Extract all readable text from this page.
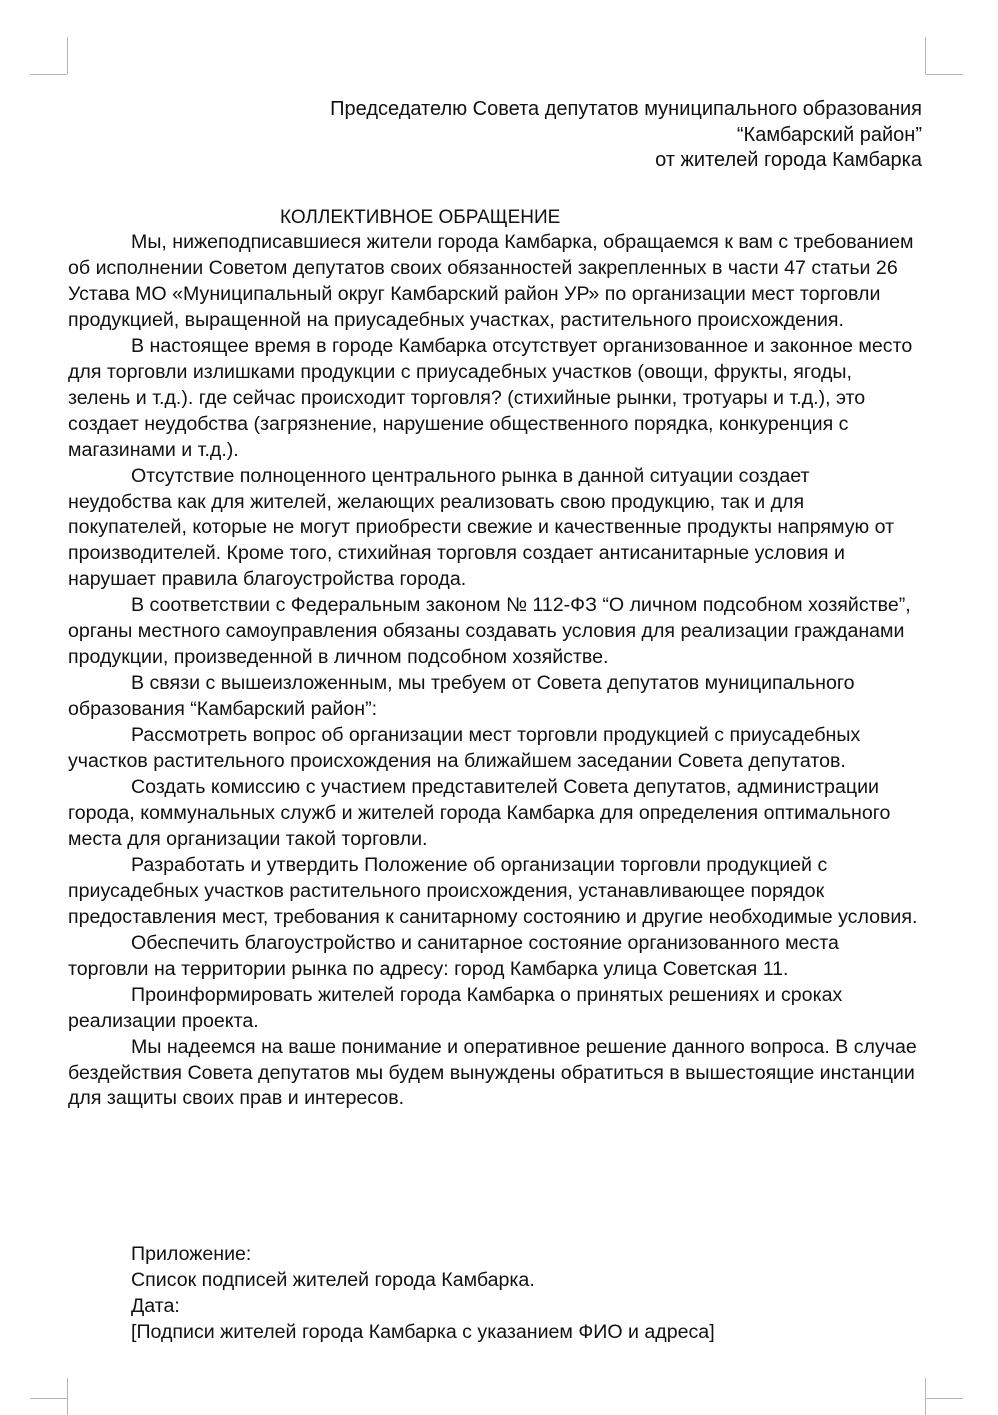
Председателю Совета депутатов муниципального образования
“Камбарский район”
от жителей города Камбарка
КОЛЛЕКТИВНОЕ ОБРАЩЕНИЕ

Мы, нижеподписавшиеся жители города Камбарка, обращаемся к вам с требованием об исполнении Советом депутатов своих обязанностей закрепленных в части 47 статьи 26 Устава МО «Муниципальный округ Камбарский район УР» по организации мест торговли продукцией, выращенной на приусадебных участках, растительного происхождения.

В настоящее время в городе Камбарка отсутствует организованное и законное место для торговли излишками продукции с приусадебных участков (овощи, фрукты, ягоды, зелень и т.д.). где сейчас происходит торговля? (стихийные рынки, тротуары и т.д.), это создает неудобства (загрязнение, нарушение общественного порядка, конкуренция с магазинами и т.д.).

Отсутствие полноценного центрального рынка в данной ситуации создает неудобства как для жителей, желающих реализовать свою продукцию, так и для покупателей, которые не могут приобрести свежие и качественные продукты напрямую от производителей. Кроме того, стихийная торговля создает антисанитарные условия и нарушает правила благоустройства города.

В соответствии с Федеральным законом № 112-ФЗ “О личном подсобном хозяйстве”, органы местного самоуправления обязаны создавать условия для реализации гражданами продукции, произведенной в личном подсобном хозяйстве.

В связи с вышеизложенным, мы требуем от Совета депутатов муниципального образования “Камбарский район”:

Рассмотреть вопрос об организации мест торговли продукцией с приусадебных участков растительного происхождения на ближайшем заседании Совета депутатов.

Создать комиссию с участием представителей Совета депутатов, администрации города, коммунальных служб и жителей города Камбарка для определения оптимального места для организации такой торговли.

Разработать и утвердить Положение об организации торговли продукцией с приусадебных участков растительного происхождения, устанавливающее порядок предоставления мест, требования к санитарному состоянию и другие необходимые условия.

Обеспечить благоустройство и санитарное состояние организованного места торговли на территории рынка по адресу: город Камбарка улица Советская 11.

Проинформировать жителей города Камбарка о принятых решениях и сроках реализации проекта.

Мы надеемся на ваше понимание и оперативное решение данного вопроса. В случае бездействия Совета депутатов мы будем вынуждены обратиться в вышестоящие инстанции для защиты своих прав и интересов.

Приложение:
Список подписей жителей города Камбарка.
Дата:
[Подписи жителей города Камбарка с указанием ФИО и адреса]
